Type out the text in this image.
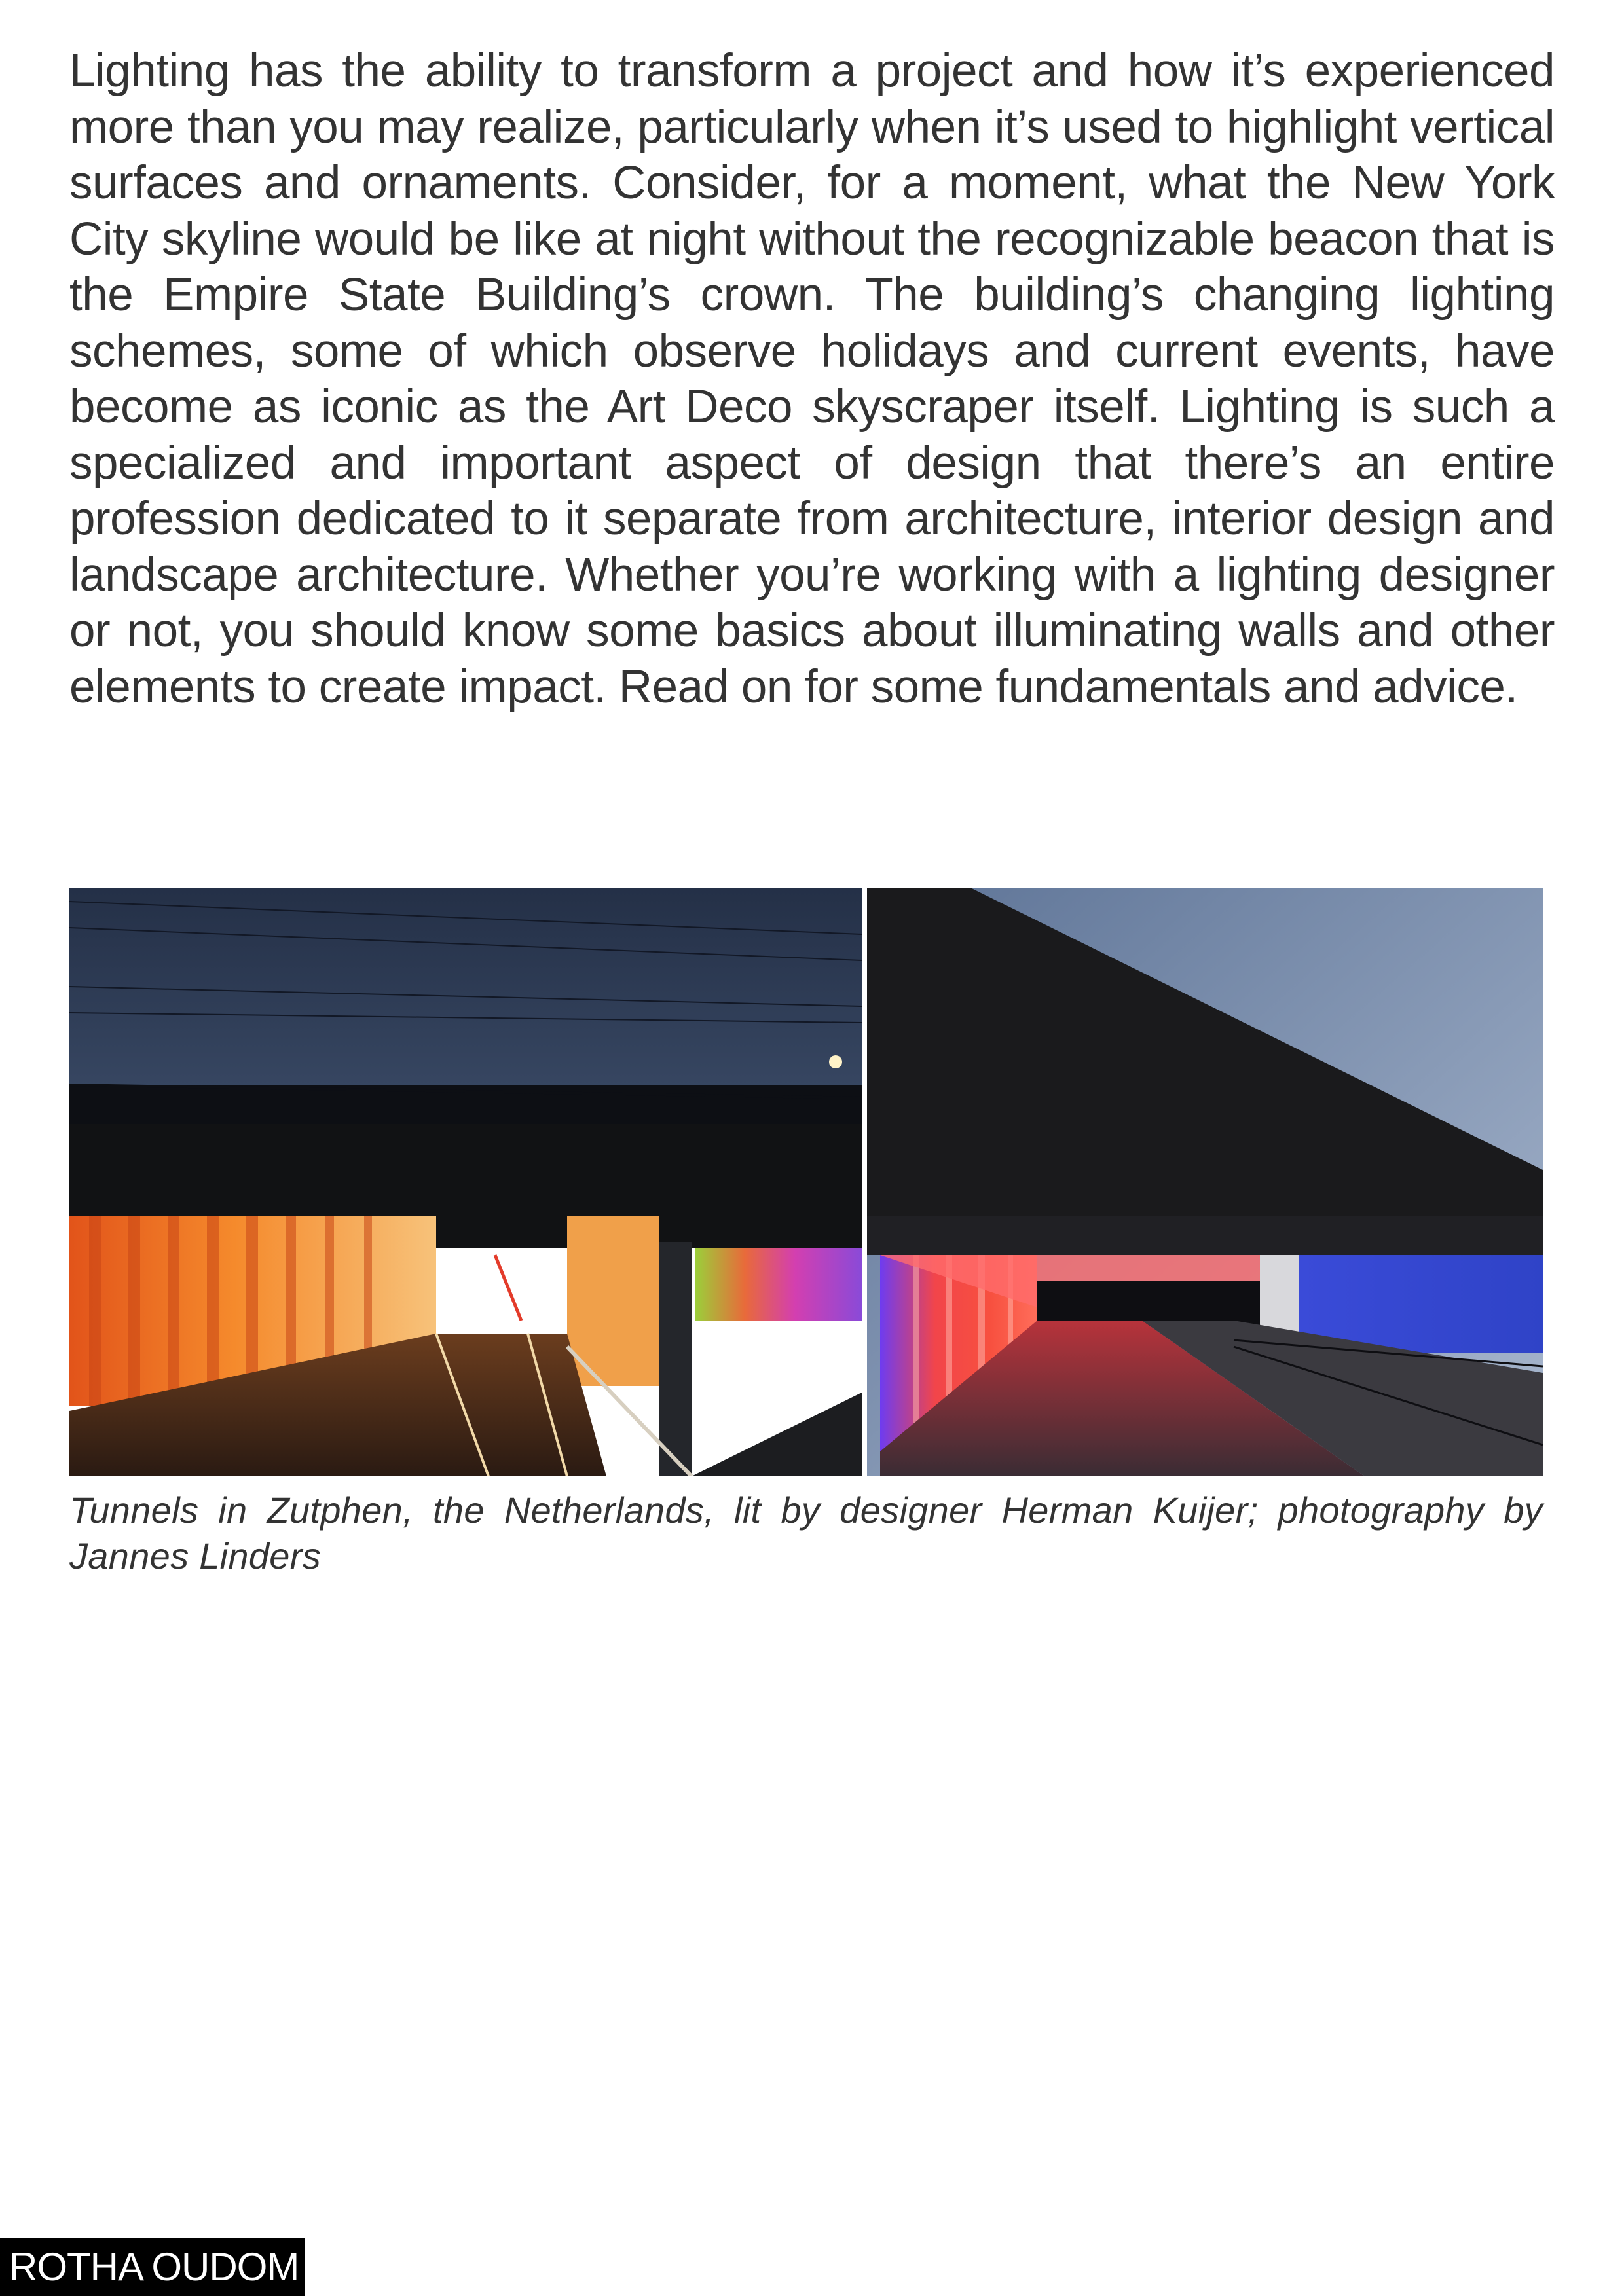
Lighting has the ability to transform a project and how it’s experienced more than you may realize, particularly when it’s used to highlight vertical surfaces and ornaments. Consider, for a moment, what the New York City skyline would be like at night without the recognizable beacon that is the Empire State Building’s crown. The building’s changing lighting schemes, some of which observe holidays and current events, have become as iconic as the Art Deco skyscraper itself. Lighting is such a specialized and important aspect of design that there’s an entire profession dedicated to it separate from architecture, interior design and landscape architecture. Whether you’re working with a lighting designer or not, you should know some basics about illuminating walls and other elements to create impact. Read on for some fundamentals and advice.

Tunnels in Zutphen, the Netherlands, lit by designer Herman Kuijer; photography by Jannes Linders

ROTHA OUDOM
